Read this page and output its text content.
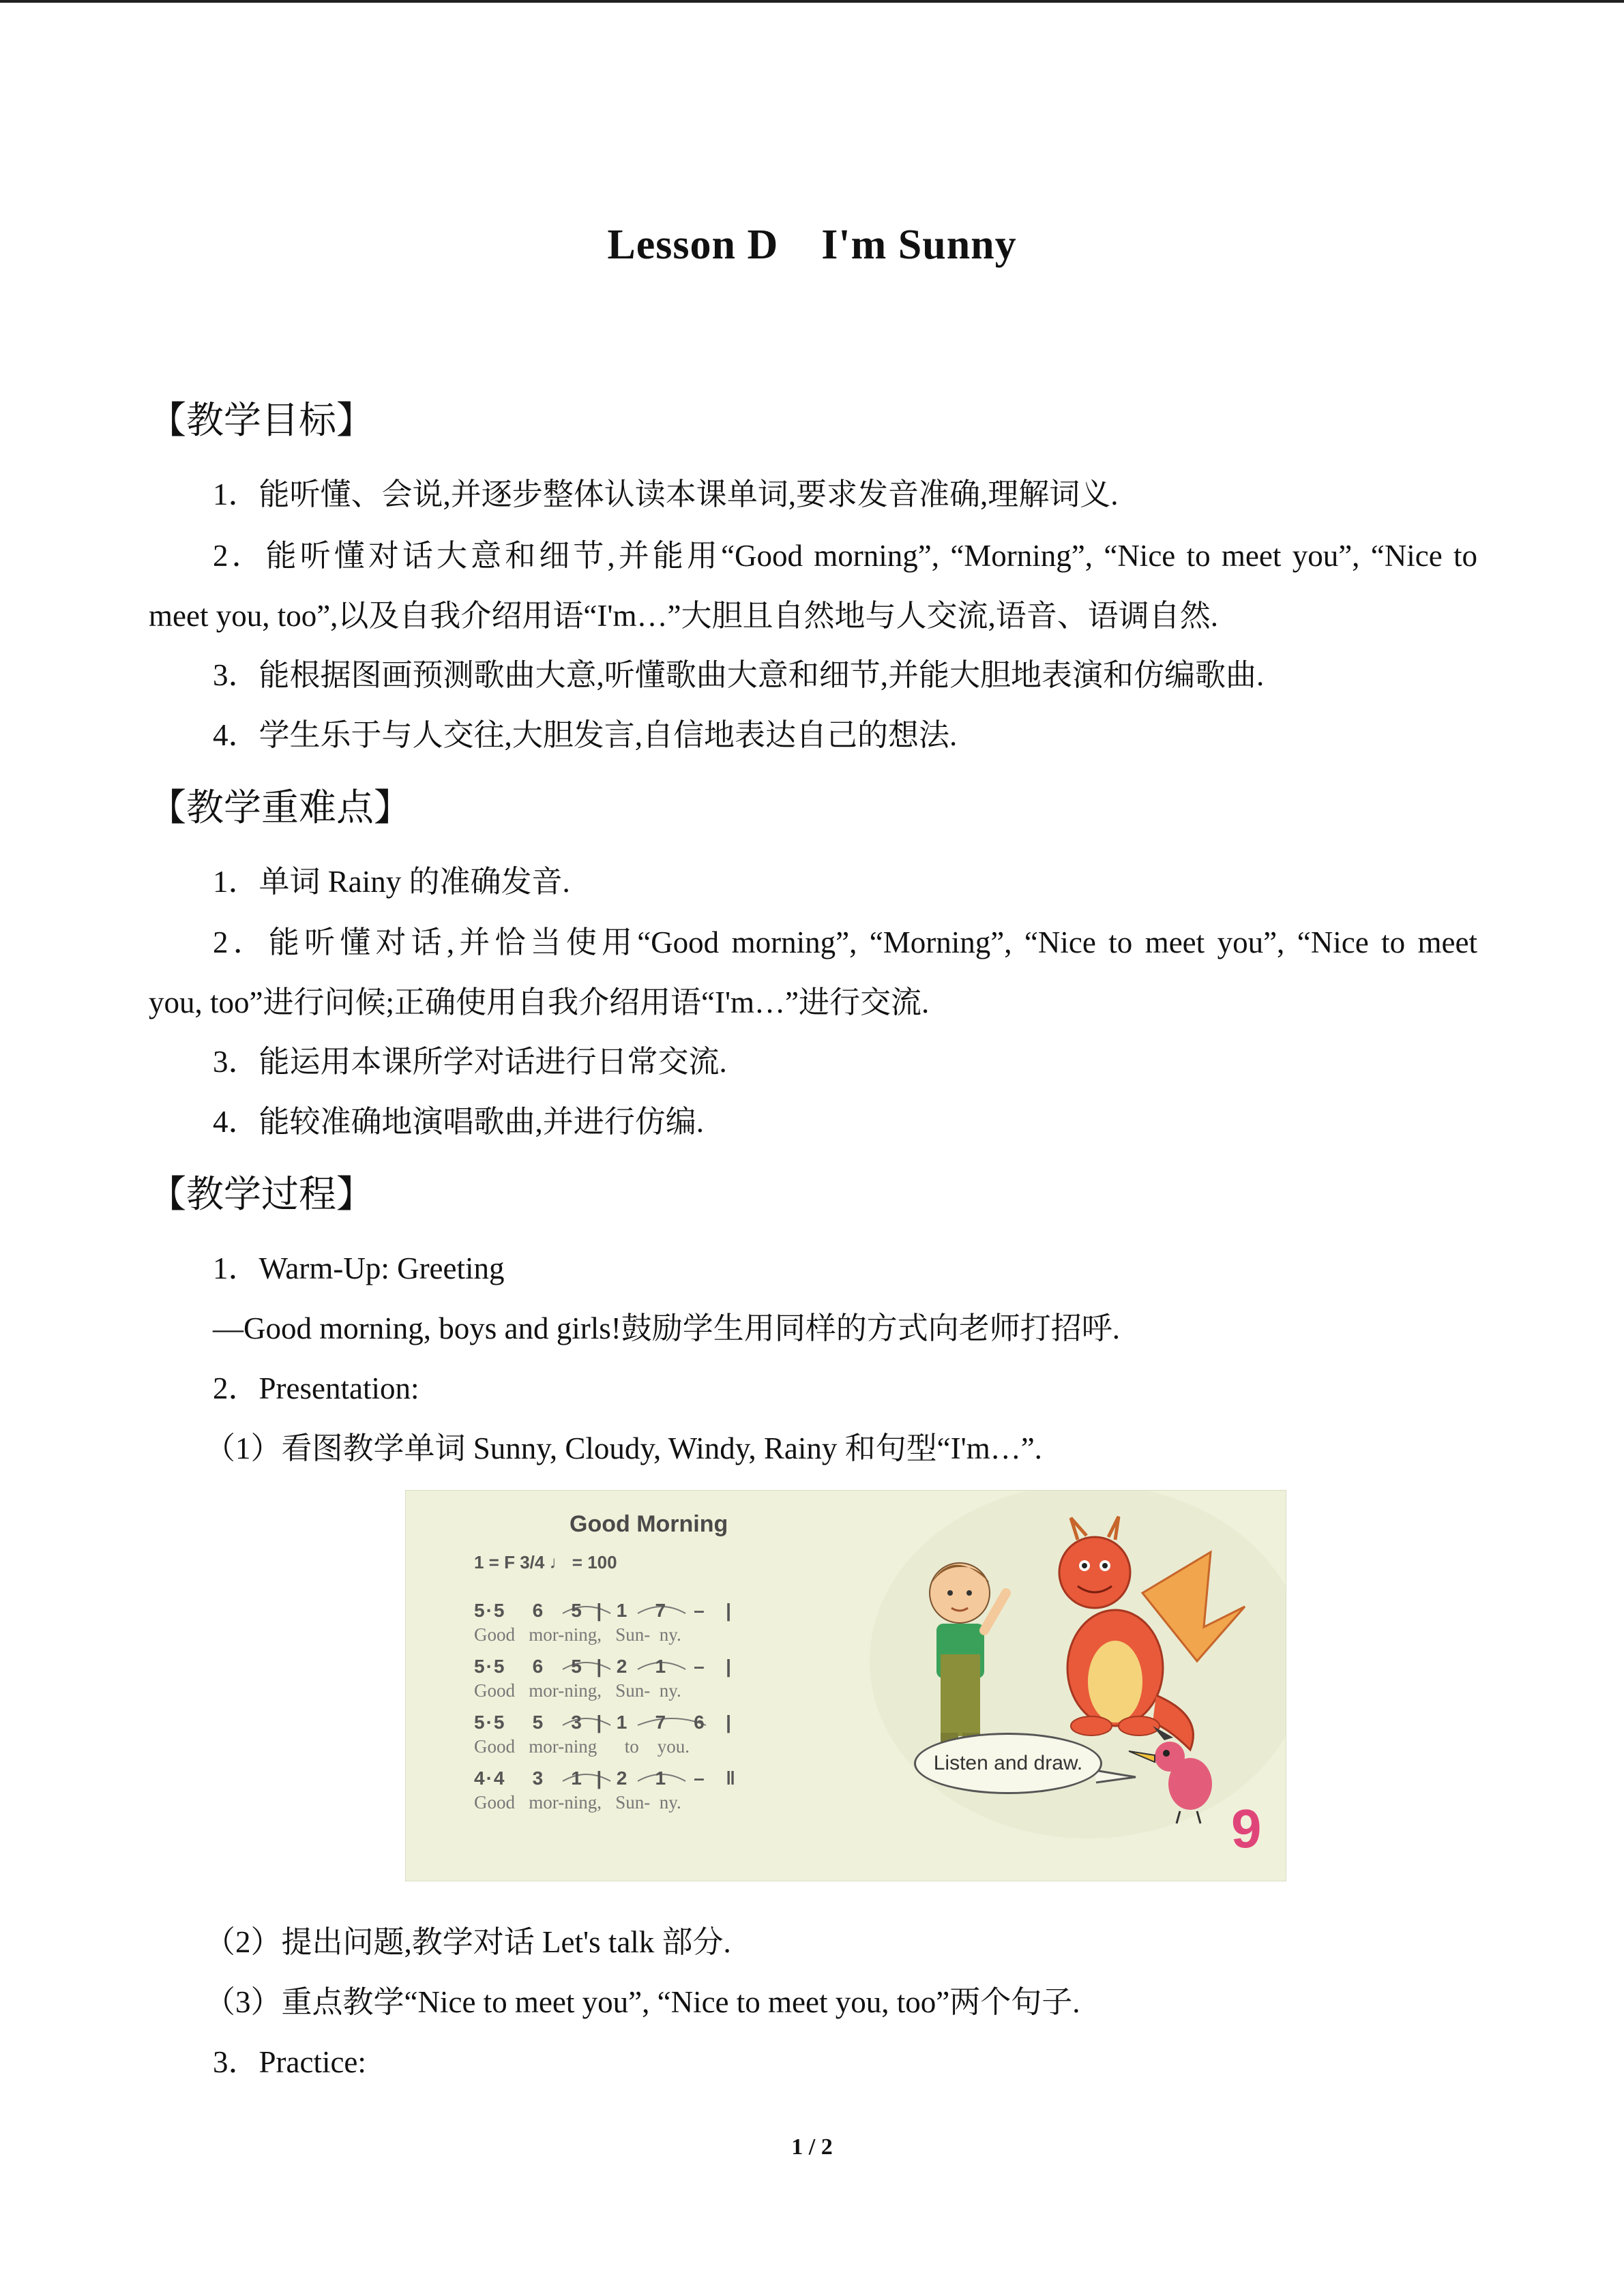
Lesson D　I'm Sunny
【教学目标】
1．能听懂、会说,并逐步整体认读本课单词,要求发音准确,理解词义.
2．能听懂对话大意和细节,并能用“Good morning”, “Morning”, “Nice to meet you”, “Nice to
meet you, too”,以及自我介绍用语“I'm…”大胆且自然地与人交流,语音、语调自然.
3．能根据图画预测歌曲大意,听懂歌曲大意和细节,并能大胆地表演和仿编歌曲.
4．学生乐于与人交往,大胆发言,自信地表达自己的想法.
【教学重难点】
1．单词 Rainy 的准确发音.
2．能听懂对话,并恰当使用“Good morning”, “Morning”, “Nice to meet you”, “Nice to meet
you, too”进行问候;正确使用自我介绍用语“I'm…”进行交流.
3．能运用本课所学对话进行日常交流.
4．能较准确地演唱歌曲,并进行仿编.
【教学过程】
1．Warm-Up: Greeting
—Good morning, boys and girls!鼓励学生用同样的方式向老师打招呼.
2．Presentation:
（1）看图教学单词 Sunny, Cloudy, Windy, Rainy 和句型“I'm…”.
Good Morning
1 = F 3/4 ♩ = 100
5·5    6    5  |  1    7    –   |
Good   mor-ning,   Sun-  ny.
5·5    6    5  |  2    1    –   |
Good   mor-ning,   Sun-  ny.
5·5    5    3  |  1    7    6   |
Good   mor-ning      to    you.
4·4    3    1  |  2    1    –   ‖
Good   mor-ning,   Sun-  ny.
Listen and draw.
9
（2）提出问题,教学对话 Let's talk 部分.
（3）重点教学“Nice to meet you”, “Nice to meet you, too”两个句子.
3．Practice:
1 / 2
